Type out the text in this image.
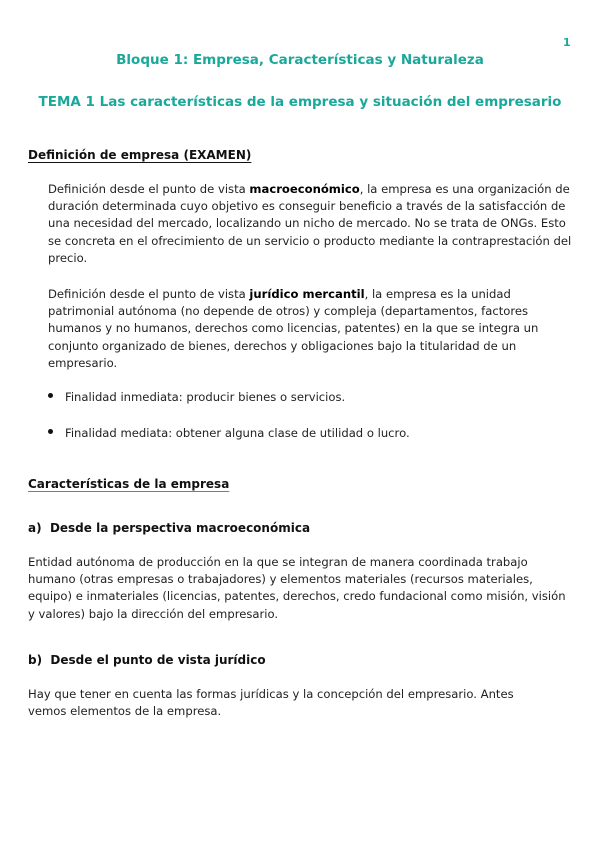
1
Bloque 1: Empresa, Características y Naturaleza
TEMA 1 Las características de la empresa y situación del empresario
Definición de empresa (EXAMEN)
Definición desde el punto de vista macroeconómico, la empresa es una organización de duración determinada cuyo objetivo es conseguir beneficio a través de la satisfacción de una necesidad del mercado, localizando un nicho de mercado. No se trata de ONGs. Esto se concreta en el ofrecimiento de un servicio o producto mediante la contraprestación del precio.
Definición desde el punto de vista jurídico mercantil, la empresa es la unidad patrimonial autónoma (no depende de otros) y compleja (departamentos, factores humanos y no humanos, derechos como licencias, patentes) en la que se integra un conjunto organizado de bienes, derechos y obligaciones bajo la titularidad de un empresario.
Finalidad inmediata: producir bienes o servicios.
Finalidad mediata: obtener alguna clase de utilidad o lucro.
Características de la empresa
a)  Desde la perspectiva macroeconómica
Entidad autónoma de producción en la que se integran de manera coordinada trabajo humano (otras empresas o trabajadores) y elementos materiales (recursos materiales, equipo) e inmateriales (licencias, patentes, derechos, credo fundacional como misión, visión y valores) bajo la dirección del empresario.
b)  Desde el punto de vista jurídico
Hay que tener en cuenta las formas jurídicas y la concepción del empresario. Antes vemos elementos de la empresa.
